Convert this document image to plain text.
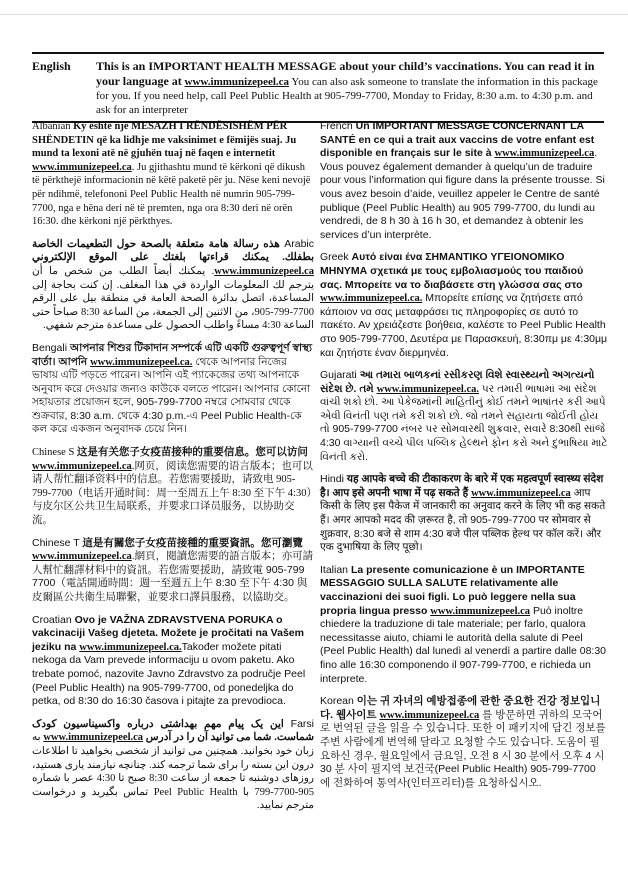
English	This is an IMPORTANT HEALTH MESSAGE about your child’s vaccinations. You can read it in your language at www.immunizepeel.ca You can also ask someone to translate the information in this package for you. If you need help, call Peel Public Health at 905-799-7700, Monday to Friday, 8:30 a.m. to 4:30 p.m. and ask for an interpreter
Albanian Ky është një MESAZH I RËNDËSISHËM PËR SHËNDETIN që ka lidhje me vaksinimet e fëmijës suaj. Ju mund ta lexoni atë në gjuhën tuaj në faqen e internetit www.immunizepeel.ca. Ju gjithashtu mund të kërkoni që dikush të përkthejë informacionin në këtë paketë për ju. Nëse keni nevojë për ndihmë, telefononi Peel Public Health në numrin 905-799-7700, nga e hëna deri në të premten, nga ora 8:30 deri në orën 16:30. dhe kërkoni një përkthyes.
Arabic هذه رسالة هامة متعلقة بالصحة حول التطعيمات الخاصة بطفلك. يمكنك قراءتها بلغتك على الموقع الإلكتروني www.immunizepeel.ca. يمكنك أيضاً الطلب من شخص ما أن يترجم لك المعلومات الواردة في هذا المغلف. إن كنت بحاجة إلى المساعدة، اتصل بدائرة الصحة العامة في منطقة بيل على الرقم 7700-799-905، من الاثنين إلى الجمعة، من الساعة 8:30 صباحاً حتى الساعة 4:30 مساءً واطلب الحصول على مساعدة مترجم شفهي.
Bengali আপনার শিশুর টিকাদান সম্পর্কে এটি একটি গুরুত্বপূর্ণ স্বাস্থ্য বার্তা। আপনি www.immunizepeel.ca. থেকে আপনার নিজের ভাষায় এটি পড়তে পারেন। আপনি এই প্যাকেজের তথ্য আপনাকে অনুবাদ করে দেওয়ার জন্যও কাউকে বলতে পারেন। আপনার কোনো সহায়তার প্রয়োজন হলে, 905-799-7700 নম্বরে সোমবার থেকে শুক্রবার, 8:30 a.m. থেকে 4:30 p.m.-এ Peel Public Health-কে কল করে একজন অনুবাদক চেয়ে নিন।
Chinese S 这是有关您子女疫苗接种的重要信息。您可以访问 www.immunizepeel.ca.网页，阅读您需要的语言版本；也可以请人帮忙翻译资料中的信息。若您需要援助，请致电 905-799-7700（电话开通时间：周一至周五上午 8:30 至下午 4:30）与皮尔区公共卫生局联系，并要求口译员服务，以协助交流。
Chinese T 這是有關您子女疫苗接種的重要資訊。您可瀏覽 www.immunizepeel.ca.網頁，閱讀您需要的語言版本；亦可請人幫忙翻譯材料中的資訊。若您需要援助，請致電 905-799 7700（電話開通時間：週一至週五上午 8:30 至下午 4:30 與皮爾區公共衛生局聯繫，並要求口譯員服務，以協助交。
Croatian Ovo je VAŽNA ZDRAVSTVENA PORUKA o vakcinaciji Vašeg djeteta. Možete je pročitati na Vašem jeziku na www.immunizepeel.ca.Također možete pitati nekoga da Vam prevede informaciju u ovom paketu. Ako trebate pomoć, nazovite Javno Zdravstvo za područje Peel (Peel Public Health) na 905-799-7700, od ponedeljka do petka, od 8:30 do 16:30 časova i pitajte za prevodioca.
Farsi این یک پیام مهم بهداشتی درباره واکسیناسیون کودک شماست. شما می توانید آن را در آدرس www.immunizepeel.ca به زبان خود بخوانید. همچنین می توانید از شخصی بخواهید تا اطلاعات درون این بسته را برای شما ترجمه کند. چنانچه نیازمند یاری هستید، روزهای دوشنبه تا جمعه از ساعت 8:30 صبح تا 4:30 عصر با شماره 905-7700-799 با Peel Public Health تماس بگیرید و درخواست مترجم نمایید.
French Un IMPORTANT MESSAGE CONCERNANT LA SANTÉ en ce qui a trait aux vaccins de votre enfant est disponible en français sur le site à www.immunizepeel.ca. Vous pouvez également demander à quelqu’un de traduire pour vous l’information qui figure dans la présente trousse. Si vous avez besoin d’aide, veuillez appeler le Centre de santé publique (Peel Public Health) au 905 799-7700, du lundi au vendredi, de 8 h 30 à 16 h 30, et demandez à obtenir les services d’un interprète.
Greek Αυτό είναι ένα ΣΗΜΑΝΤΙΚΟ ΥΓΕΙΟΝΟΜΙΚΟ ΜΗΝΥΜΑ σχετικά με τους εμβολιασμούς του παιδιού σας. Μπορείτε να το διαβάσετε στη γλώσσα σας στο www.immunizepeel.ca. Μπορείτε επίσης να ζητήσετε από κάποιον να σας μεταφράσει τις πληροφορίες σε αυτό το πακέτο. Αν χρειάζεστε βοήθεια, καλέστε το Peel Public Health στο 905-799-7700, Δευτέρα με Παρασκευή, 8:30πμ με 4:30μμ και ζητήστε έναν διερμηνέα.
Gujarati આ તમારા બાળકનાં રસીકરણ વિશે સ્વાસ્થ્યનો અગત્યનો સંદેશ છે. તમે www.immunizepeel.ca. પર તમારી ભાષામાં આ સંદેશ વાંચી શકો છો. આ પેકેજમાંની માહિતીનું કોઈ તમને ભાષાંતર કરી આપે એવી વિનંતી પણ તમે કરી શકો છો. જો તમને સહાયતા જોઈતી હોય તો 905-799-7700 નંબર પર સોમવારથી શુક્રવાર, સવારે 8:30થી સાંજે 4:30 વાગ્યાની વચ્ચે પીલ પબ્લિક હેલ્થને ફોન કરો અને દુભાષિયા માટે વિનંતી કરો.
Hindi यह आपके बच्चे की टीकाकरण के बारे में एक महत्वपूर्ण स्वास्थ्य संदेश है। आप इसे अपनी भाषा में पढ़ सकते हैं www.immunizepeel.ca आप किसी के लिए इस पैकेज में जानकारी का अनुवाद करने के लिए भी कह सकते हैं। अगर आपको मदद की ज़रूरत है, तो 905-799-7700 पर सोमवार से शुक्रवार, 8:30 बजे से शाम 4:30 बजे पील पब्लिक हेल्थ पर कॉल करें। और एक दुभाषिया के लिए पूछो।
Italian La presente comunicazione è un IMPORTANTE MESSAGGIO SULLA SALUTE relativamente alle vaccinazioni dei suoi figli. Lo può leggere nella sua propria lingua presso www.immunizepeel.ca Può inoltre chiedere la traduzione di tale materiale; per farlo, qualora necessitasse aiuto, chiami le autorità della salute di Peel (Peel Public Health) dal lunedì al venerdì a partire dalle 08:30 fino alle 16:30 componendo il 907-799-7700, e richieda un interprete.
Korean 이는 귀 자녀의 예방접종에 관한 중요한 건강 정보입니다. 웹사이트 www.immunizepeel.ca 를 방문하면 귀하의 모국어로 번역된 글을 읽을 수 있습니다. 또한 이 패키지에 담긴 정보를 주변 사람에게 번역해 달라고 요청할 수도 있습니다. 도움이 필요하신 경우, 월요일에서 금요일, 오전 8 시 30 분에서 오후 4 시 30 분 사이 필지역 보건국(Peel Public Health) 905-799-7700 에 전화하여 통역사(인터프리터)를 요청하십시오.
